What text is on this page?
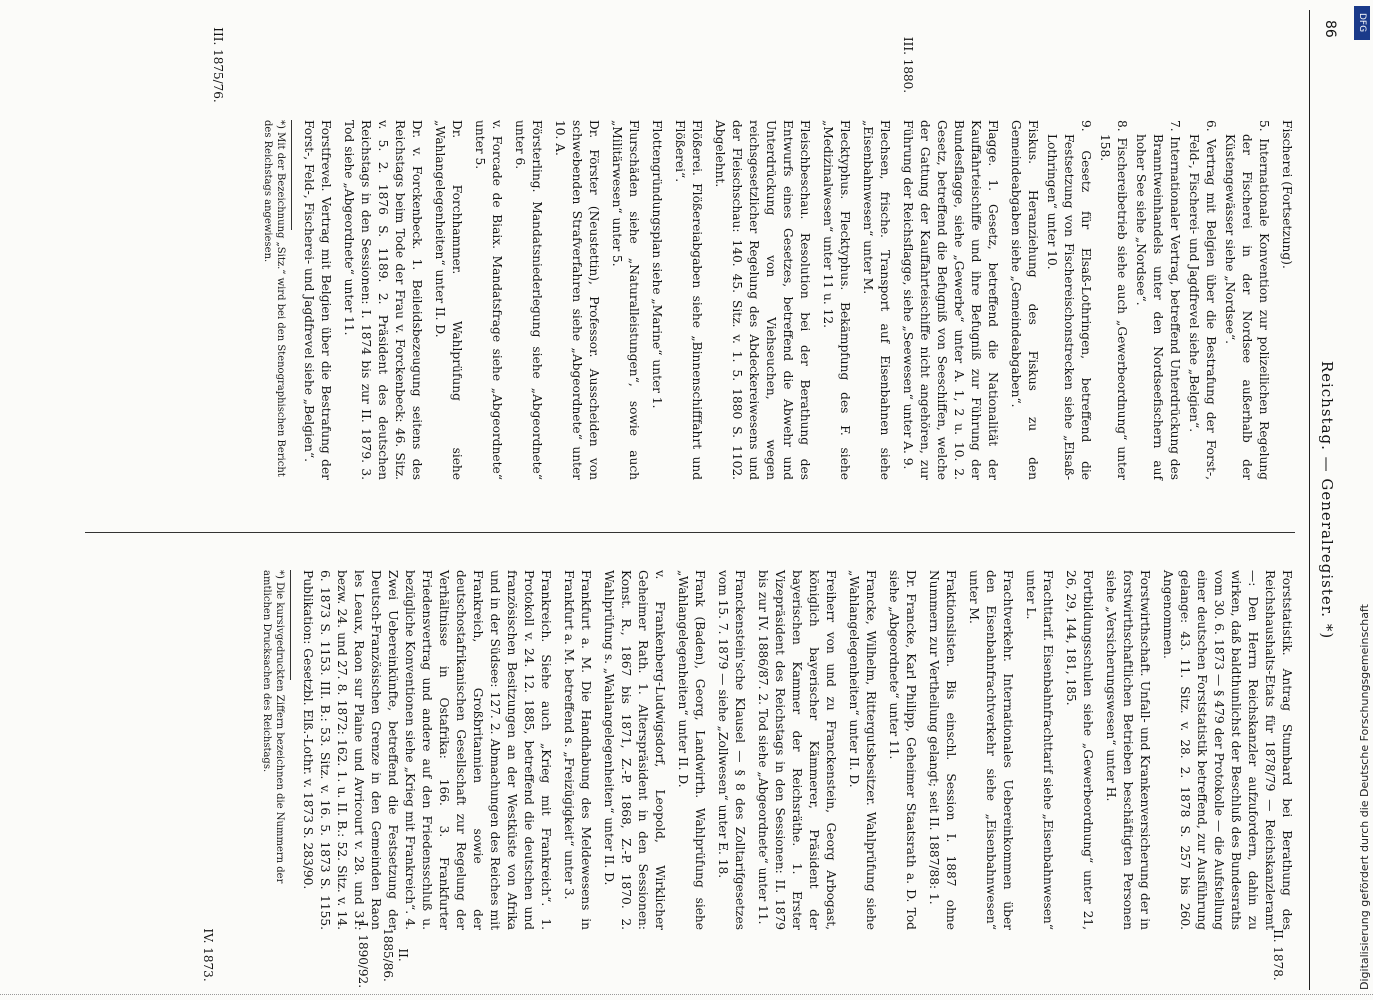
86
Reichstag. — Generalregister. *)
III. 1880.
III. 1875/76.
Fischerei (Fortsetzung).
5. Internationale Konvention zur polizeilichen Regelung der Fischerei in der Nordsee außerhalb der Küstengewässer siehe „Nordsee“.
6. Vertrag mit Belgien über die Bestrafung der Forst-, Feld-, Fischerei- und Jagdfrevel siehe „Belgien“.
7. Internationaler Vertrag, betreffend Unterdrückung des Branntweinhandels unter den Nordseefischern auf hoher See siehe „Nordsee“.
8. Fischereibetrieb siehe auch „Gewerbeordnung“ unter 158.
9. Gesetz für Elsaß-Lothringen, betreffend die Festsetzung von Fischereischonstrecken siehe „Elsaß-Lothringen“ unter 10.
Fiskus. Heranziehung des Fiskus zu den Gemeindeabgaben siehe „Gemeindeabgaben“.
Flagge. 1. Gesetz, betreffend die Nationalität der Kauffahrteischiffe und ihre Befugniß zur Führung der Bundesflagge, siehe „Gewerbe“ unter A. 1, 2 u. 10. 2. Gesetz, betreffend die Befugniß von Seeschiffen, welche der Gattung der Kauffahrteischiffe nicht angehören, zur Führung der Reichsflagge, siehe „Seewesen“ unter A. 9.
Flechsen, frische. Transport auf Eisenbahnen siehe „Eisenbahnwesen“ unter M.
Flecktyphus. Flecktyphus. Bekämpfung des F. siehe „Medizinalwesen“ unter 11 u. 12.
Fleischbeschau. Resolution bei der Berathung des Entwurfs eines Gesetzes, betreffend die Abwehr und Unterdrückung von Viehseuchen, wegen reichsgesetzlicher Regelung des Abdeckereiwesens und der Fleischschau: 140. 45. Sitz. v. 1. 5. 1880 S. 1102. Abgelehnt.
Flößerei. Flößereiabgaben siehe „Binnenschifffahrt und Flößerei“.
Flottengründungsplan siehe „Marine“ unter 1.
Flurschäden siehe „Naturalleistungen“, sowie auch „Militärwesen“ unter 5.
Dr. Förster (Neustettin), Professor. Ausscheiden von schwebenden Strafverfahren siehe „Abgeordnete“ unter 10. A.
Försterling. Mandatsniederlegung siehe „Abgeordnete“ unter 6.
v. Forcade de Biaix. Mandatsfrage siehe „Abgeordnete“ unter 5.
Dr. Forchhammer. Wahlprüfung siehe „Wahlangelegenheiten“ unter II. D.
Dr. v. Forckenbeck. 1. Beileidsbezeugung seitens des Reichstags beim Tode der Frau v. Forckenbeck: 46. Sitz. v. 5. 2. 1876 S. 1189. 2. Präsident des deutschen Reichstags in den Sessionen: I. 1874 bis zur II. 1879. 3. Tod siehe „Abgeordnete“ unter 11.
Forstfrevel. Vertrag mit Belgien über die Bestrafung der Forst-, Feld-, Fischerei- und Jagdfrevel siehe „Belgien“.
*) Mit der Bezeichnung „Sitz.“ wird bei den Stenographischen Bericht des Reichstags angewiesen.
Forststatistik. Antrag Stumbard bei Berathung des Reichshaushalts-Etats für 1878/79 — Reichskanzleramt —: Den Herrn Reichskanzler aufzufordern, dahin zu wirken, daß baldthunlichst der Beschluß des Bundesraths vom 30. 6. 1873 — § 479 der Protokolle — die Aufstellung einer deutschen Forststatistik betreffend, zur Ausführung gelange: 43. 11. Sitz. v. 28. 2. 1878 S. 257 bis 260. Angenommen.
Forstwirthschaft. Unfall- und Krankenversicherung der in forstwirthschaftlichen Betrieben beschäftigten Personen siehe „Versicherungswesen“ unter H.
Fortbildungsschulen siehe „Gewerbeordnung“ unter 21, 26, 29, 144, 181, 185.
Frachttarif. Eisenbahnfrachttarif siehe „Eisenbahnwesen“ unter L.
Frachtverkehr. Internationales Uebereinkommen über den Eisenbahnfrachtverkehr siehe „Eisenbahnwesen“ unter M.
Fraktionslisten. Bis einschl. Session I. 1887 ohne Nummern zur Vertheilung gelangt; seit II. 1887/88: 1.
Dr. Francke, Karl Philipp, Geheimer Staatsrath a. D. Tod siehe „Abgeordnete“ unter 11.
Francke, Wilhelm, Rittergutsbesitzer. Wahlprüfung siehe „Wahlangelegenheiten“ unter II. D.
Freiherr von und zu Franckenstein, Georg Arbogast, königlich bayerischer Kämmerer, Präsident der bayerischen Kammer der Reichsräthe. 1. Erster Vizepräsident des Reichstags in den Sessionen: II. 1879 bis zur IV. 1886/87. 2. Tod siehe „Abgeordnete“ unter 11.
Franckenstein'sche Klausel — § 8 des Zolltarifgesetzes vom 15. 7. 1879 — siehe „Zollwesen“ unter E. 18.
Frank (Baden), Georg, Landwirth. Wahlprüfung siehe „Wahlangelegenheiten“ unter II. D.
v. Frankenberg-Ludwigsdorf, Leopold, Wirklicher Geheimer Rath. 1. Alterspräsident in den Sessionen: Konst. R., 1867 bis 1871, Z.-P. 1868, Z.-P. 1870. 2. Wahlprüfung s. „Wahlangelegenheiten“ unter II. D.
Frankfurt a. M. Die Handhabung des Meldewesens in Frankfurt a. M. betreffend s. „Freizügigkeit“ unter 3.
Frankreich. Siehe auch „Krieg mit Frankreich“. 1. Protokoll v. 24. 12. 1885, betreffend die deutschen und französischen Besitzungen an der Westküste von Afrika und in der Südsee: 127. 2. Abmachungen des Reiches mit Frankreich, Großbritannien sowie der deutschostafrikanischen Gesellschaft zur Regelung der Verhältnisse in Ostafrika: 166. 3. Frankfurter Friedensvertrag und andere auf den Friedensschluß u. bezügliche Konventionen siehe „Krieg mit Frankreich“. 4. Zwei Uebereinkünfte, betreffend die Festsetzung der Deutsch-Französischen Grenze in den Gemeinden Raon les Leaux, Raon sur Plaine und Avricourt v. 28. und 31. bezw. 24. und 27. 8. 1872: 162. 1. u. II. B.: 52. Sitz. v. 14. 6. 1873 S. 1153. III. B.: 53. Sitz. v. 16. 5. 1873 S. 1155. Publikation: Gesetzbl. Elß.-Lothr. v. 1873 S. 283/90.
*) Die kursivgedruckten Ziffern bezeichnen die Nummern der amtlichen Drucksachen des Reichstags.
II. 1878.
II. 1885/86.
I. 1890/92.
IV. 1873.	Digitalisierung gefördert durch die Deutsche Forschungsgemeinschaft
DFG
